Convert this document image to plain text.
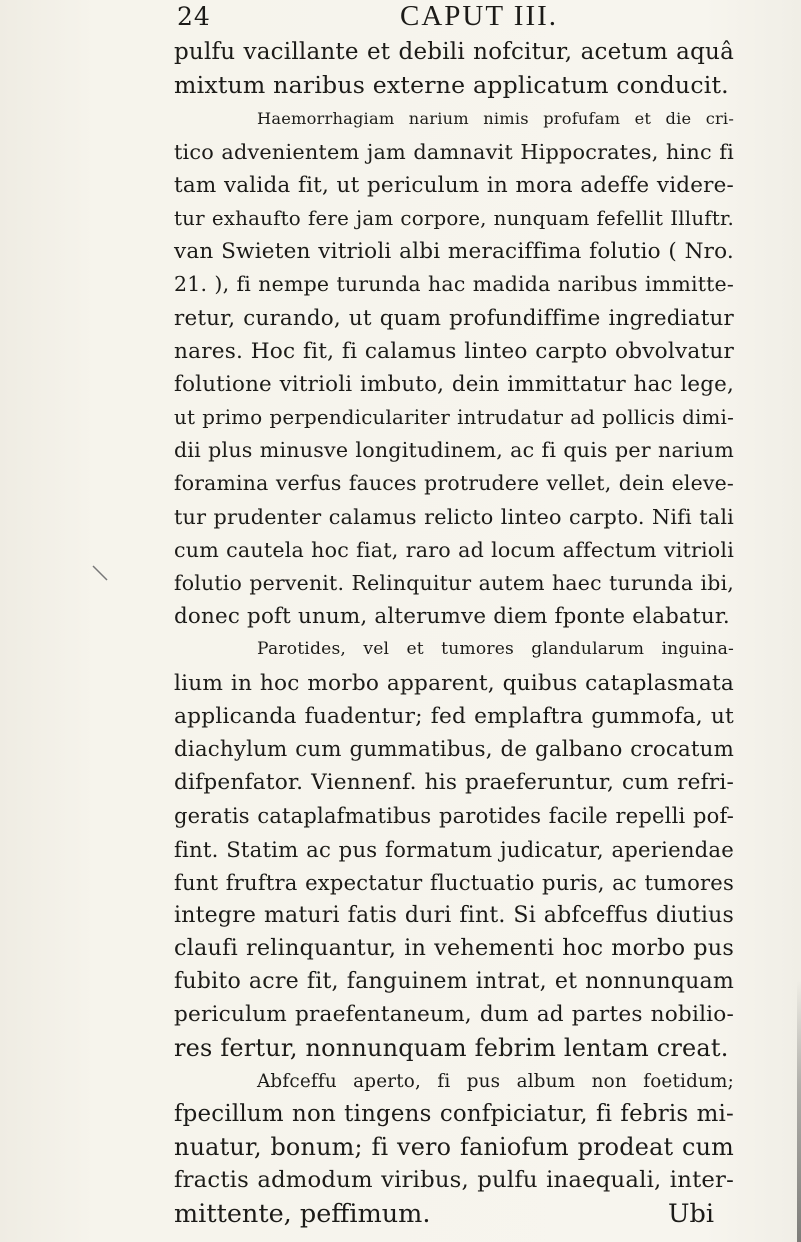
24	CAPUT III.
pulfu vacillante et debili nofcitur, acetum aquâ
mixtum naribus externe applicatum conducit.
Haemorrhagiam narium nimis profufam et die cri-
tico advenientem jam damnavit Hippocrates, hinc fi
tam valida fit, ut periculum in mora adeffe videre-
tur exhaufto fere jam corpore, nunquam fefellit Illuftr.
van Swieten vitrioli albi meraciffima folutio ( Nro.
21. ), fi nempe turunda hac madida naribus immitte-
retur, curando, ut quam profundiffime ingrediatur
nares. Hoc fit, fi calamus linteo carpto obvolvatur
folutione vitrioli imbuto, dein immittatur hac lege,
ut primo perpendiculariter intrudatur ad pollicis dimi-
dii plus minusve longitudinem, ac fi quis per narium
foramina verfus fauces protrudere vellet, dein eleve-
tur prudenter calamus relicto linteo carpto. Nifi tali
cum cautela hoc fiat, raro ad locum affectum vitrioli
folutio pervenit. Relinquitur autem haec turunda ibi,
donec poft unum, alterumve diem fponte elabatur.
Parotides, vel et tumores glandularum inguina-
lium in hoc morbo apparent, quibus cataplasmata
applicanda fuadentur; fed emplaftra gummofa, ut
diachylum cum gummatibus, de galbano crocatum
difpenfator. Viennenf. his praeferuntur, cum refri-
geratis cataplafmatibus parotides facile repelli pof-
fint. Statim ac pus formatum judicatur, aperiendae
funt fruftra expectatur fluctuatio puris, ac tumores
integre maturi fatis duri fint. Si abfceffus diutius
claufi relinquantur, in vehementi hoc morbo pus
fubito acre fit, fanguinem intrat, et nonnunquam
periculum praefentaneum, dum ad partes nobilio-
res fertur, nonnunquam febrim lentam creat.
Abfceffu aperto, fi pus album non foetidum;
fpecillum non tingens confpiciatur, fi febris mi-
nuatur, bonum; fi vero faniofum prodeat cum
fractis admodum viribus, pulfu inaequali, inter-
mittente, peffimum.	Ubi
